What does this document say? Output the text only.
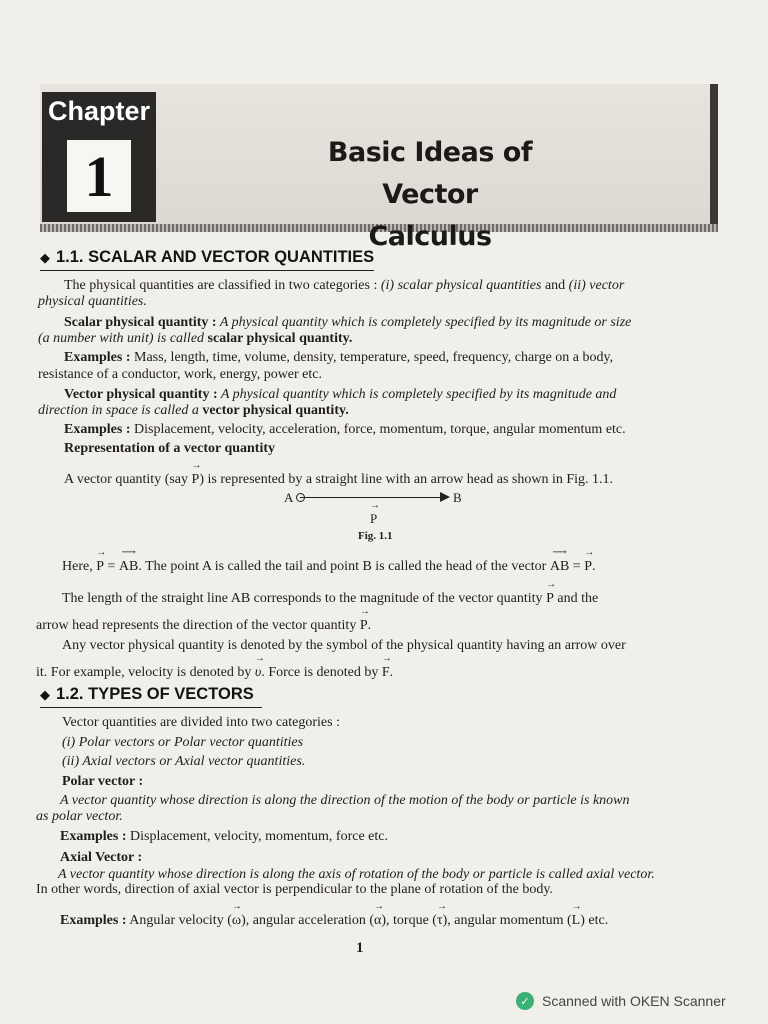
Chapter
1	Basic Ideas of Vector
Calculus
◆ 1.1. SCALAR AND VECTOR QUANTITIES
The physical quantities are classified in two categories : (i) scalar physical quantities and (ii) vector
physical quantities.
Scalar physical quantity : A physical quantity which is completely specified by its magnitude or size
(a number with unit) is called scalar physical quantity.
Examples : Mass, length, time, volume, density, temperature, speed, frequency, charge on a body,
resistance of a conductor, work, energy, power etc.
Vector physical quantity : A physical quantity which is completely specified by its magnitude and
direction in space is called a vector physical quantity.
Examples : Displacement, velocity, acceleration, force, momentum, torque, angular momentum etc.
Representation of a vector quantity
A vector quantity (say
→
P) is represented by a straight line with an arrow head as shown in Fig. 1.1.
A	B
→
P
Fig. 1.1
Here,
→
P =
⟶
AB. The point A is called the tail and point B is called the head of the vector
⟶
AB =
→
P.
The length of the straight line AB corresponds to the magnitude of the vector quantity
→
P and the
arrow head represents the direction of the vector quantity
→
P.
Any vector physical quantity is denoted by the symbol of the physical quantity having an arrow over
it. For example, velocity is denoted by
→
υ. Force is denoted by
→
F.
◆ 1.2. TYPES OF VECTORS
Vector quantities are divided into two categories :
(i) Polar vectors or Polar vector quantities
(ii) Axial vectors or Axial vector quantities.
Polar vector :
A vector quantity whose direction is along the direction of the motion of the body or particle is known
as polar vector.
Examples : Displacement, velocity, momentum, force etc.
Axial Vector :
A vector quantity whose direction is along the axis of rotation of the body or particle is called axial vector.
In other words, direction of axial vector is perpendicular to the plane of rotation of the body.
Examples : Angular velocity (
→
ω), angular acceleration (
→
α), torque (
→
τ), angular momentum (
→
L) etc.
1
✓ Scanned with OKEN Scanner
